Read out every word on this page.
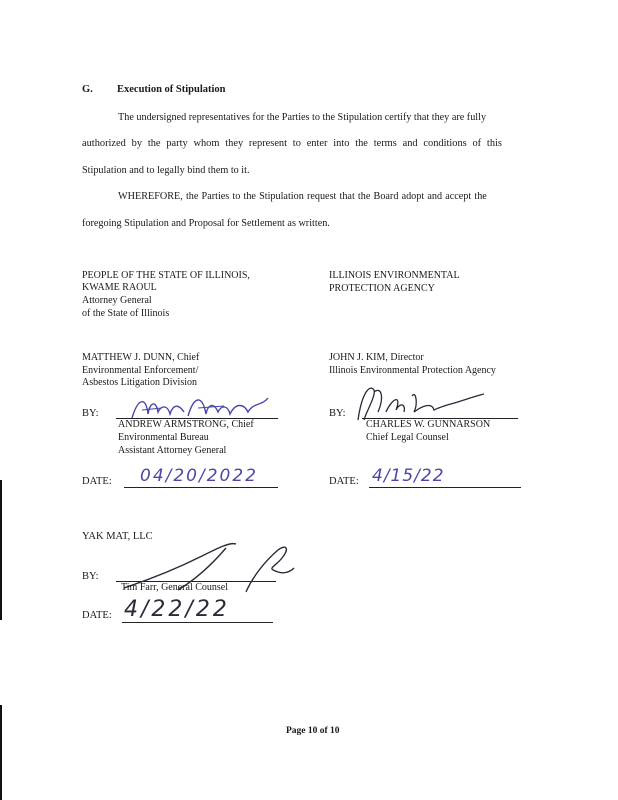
G. Execution of Stipulation
The undersigned representatives for the Parties to the Stipulation certify that they are fully
authorized by the party whom they represent to enter into the terms and conditions of this
Stipulation and to legally bind them to it.
WHEREFORE, the Parties to the Stipulation request that the Board adopt and accept the
foregoing Stipulation and Proposal for Settlement as written.
PEOPLE OF THE STATE OF ILLINOIS,
KWAME RAOUL
Attorney General
of the State of Illinois
MATTHEW J. DUNN, Chief
Environmental Enforcement/
Asbestos Litigation Division
BY:
ANDREW ARMSTRONG, Chief
Environmental Bureau
Assistant Attorney General
DATE: 04/20/2022
ILLINOIS ENVIRONMENTAL
PROTECTION AGENCY
JOHN J. KIM, Director
Illinois Environmental Protection Agency
BY:
CHARLES W. GUNNARSON
Chief Legal Counsel
DATE: 4/15/22
YAK MAT, LLC
BY:
Tim Farr, General Counsel
DATE: 4/22/22
Page 10 of 10
